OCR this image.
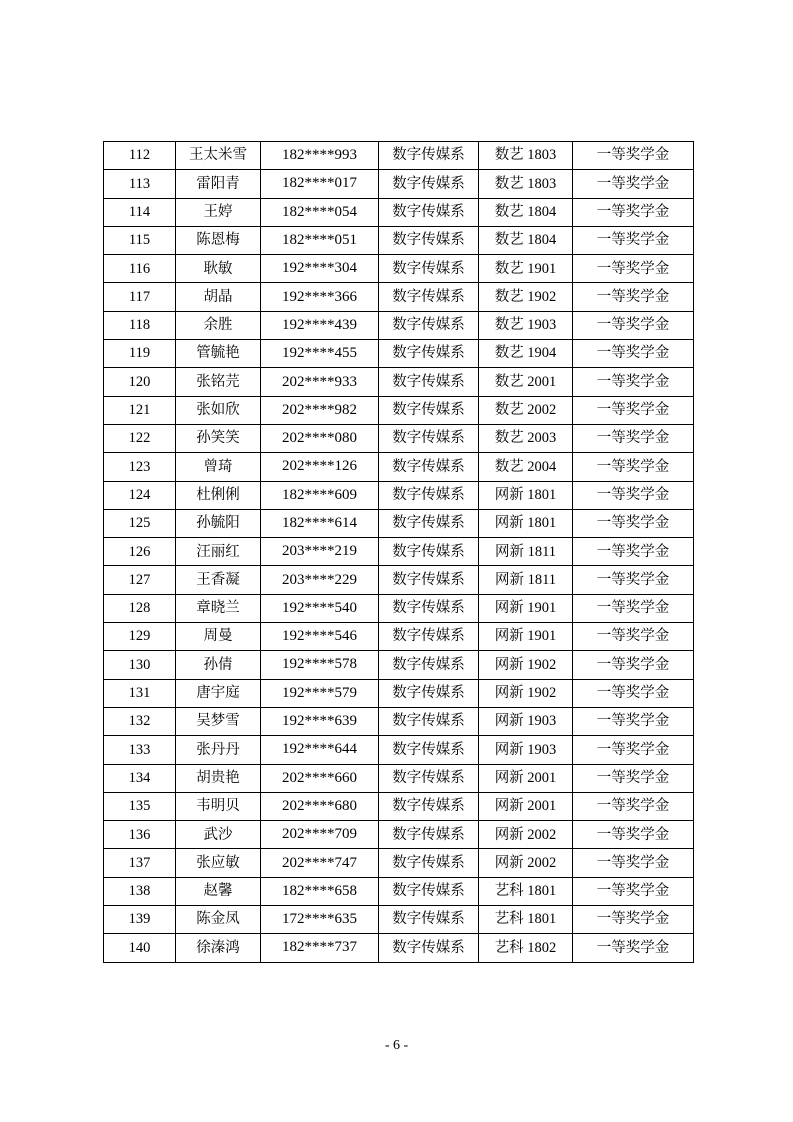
112	王太米雪	182****993	数字传媒系	数艺 1803	一等奖学金
113	雷阳青	182****017	数字传媒系	数艺 1803	一等奖学金
114	王婷	182****054	数字传媒系	数艺 1804	一等奖学金
115	陈恩梅	182****051	数字传媒系	数艺 1804	一等奖学金
116	耿敏	192****304	数字传媒系	数艺 1901	一等奖学金
117	胡晶	192****366	数字传媒系	数艺 1902	一等奖学金
118	余胜	192****439	数字传媒系	数艺 1903	一等奖学金
119	管毓艳	192****455	数字传媒系	数艺 1904	一等奖学金
120	张铭芫	202****933	数字传媒系	数艺 2001	一等奖学金
121	张如欣	202****982	数字传媒系	数艺 2002	一等奖学金
122	孙笑笑	202****080	数字传媒系	数艺 2003	一等奖学金
123	曾琦	202****126	数字传媒系	数艺 2004	一等奖学金
124	杜俐俐	182****609	数字传媒系	网新 1801	一等奖学金
125	孙毓阳	182****614	数字传媒系	网新 1801	一等奖学金
126	汪丽红	203****219	数字传媒系	网新 1811	一等奖学金
127	王香凝	203****229	数字传媒系	网新 1811	一等奖学金
128	章晓兰	192****540	数字传媒系	网新 1901	一等奖学金
129	周曼	192****546	数字传媒系	网新 1901	一等奖学金
130	孙倩	192****578	数字传媒系	网新 1902	一等奖学金
131	唐宇庭	192****579	数字传媒系	网新 1902	一等奖学金
132	吴梦雪	192****639	数字传媒系	网新 1903	一等奖学金
133	张丹丹	192****644	数字传媒系	网新 1903	一等奖学金
134	胡贵艳	202****660	数字传媒系	网新 2001	一等奖学金
135	韦明贝	202****680	数字传媒系	网新 2001	一等奖学金
136	武沙	202****709	数字传媒系	网新 2002	一等奖学金
137	张应敏	202****747	数字传媒系	网新 2002	一等奖学金
138	赵馨	182****658	数字传媒系	艺科 1801	一等奖学金
139	陈金凤	172****635	数字传媒系	艺科 1801	一等奖学金
140	徐溱鸿	182****737	数字传媒系	艺科 1802	一等奖学金
- 6 -
